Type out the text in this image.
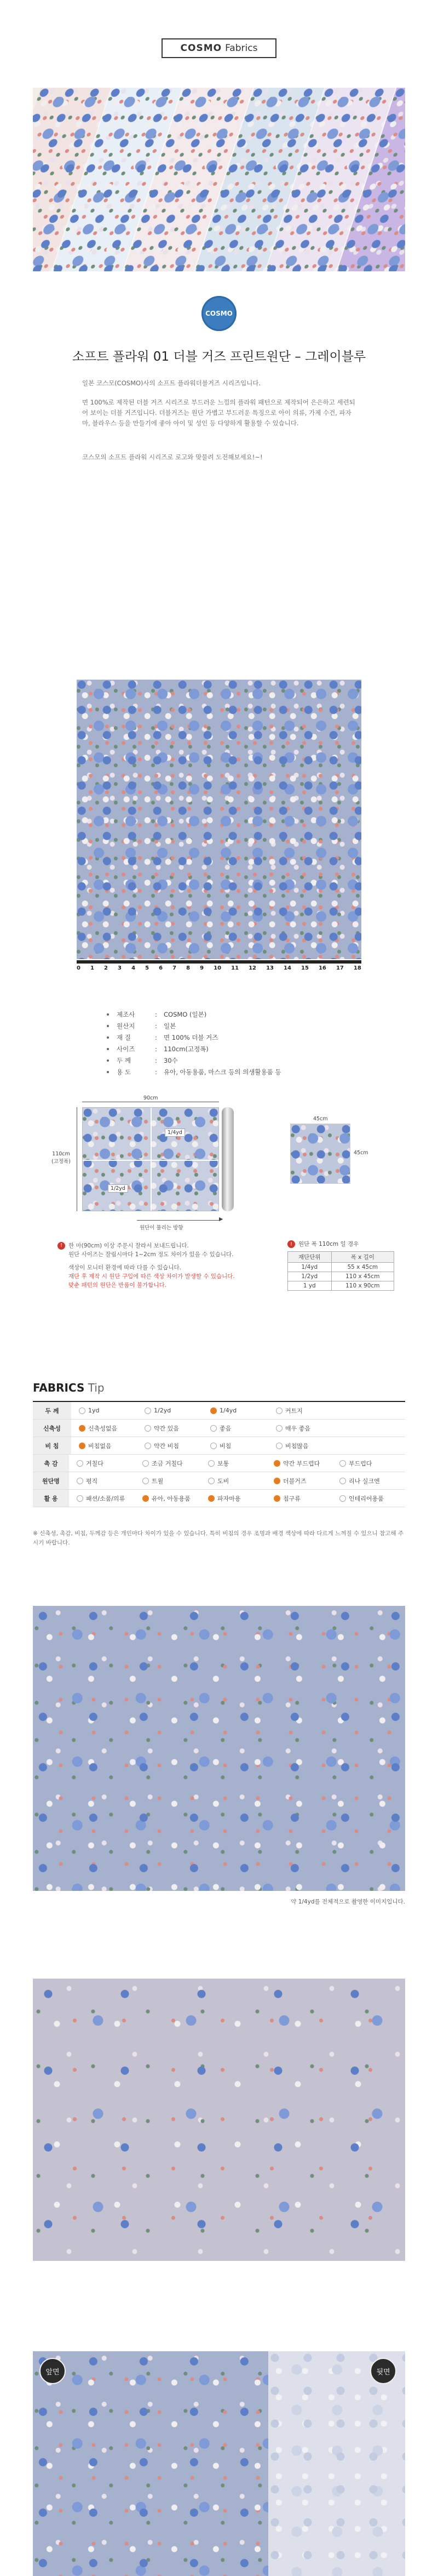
COSMO Fabrics
COSMO
소프트 플라워 01 더블 거즈 프린트원단 – 그레이블루
일본 코스모(COSMO)사의 소프트 플라워더블거즈 시리즈입니다.
면 100%로 제작된 더블 거즈 시리즈로 부드러운 느낌의 플라워 패턴으로 제작되어 은은하고 세련되어 보이는 더블 거즈입니다. 더블거즈는 원단 가볍고 부드러운 특징으로 아이 의류, 가제 수건, 파자마, 블라우스 등을 만들기에 좋아 아이 및 성인 등 다양하게 활용할 수 있습니다.
코스모의 소프트 플라워 시리즈로 로고와 맞물려 도전해보세요!~!
0 1 2 3 4 5 6 7 8 9 10 11 12 13 14 15 16 17 18
제조사	:	COSMO (일본)
원산지	:	일본
재 질	:	면 100% 더블 거즈
사이즈	:	110cm(고정폭)
두 께	:	30수
용 도	:	유아, 아동용품, 마스크 등의 의생활용품 등
1/4yd
1/2yd
90cm
110cm
(고정폭)
▶
원단이 풀리는 방향
45cm
45cm
! 한 마(90cm) 이상 주문시 잘라서 보내드립니다.
원단 사이즈는 잘림시마다 1~2cm 정도 차이가 있을 수 있습니다.
색상이 모니터 환경에 따라 다를 수 있습니다.
재단 후 제작 시 원단 구입에 따른 색상 차이가 발생할 수 있습니다.
맞춘 패턴의 원단은 반품이 불가합니다.
! 원단 폭 110cm 일 경우
재단단위	폭 x 길이
1/4yd	55 x 45cm
1/2yd	110 x 45cm
1 yd	110 x 90cm
FABRICS Tip
두 께	1yd	1/2yd	1/4yd	커트지
신축성	신축성없음	약간 있음	좋음	매우 좋음
비 침	비침없음	약간 비침	비침	비침많음
촉 감	거칠다	조금 거칠다	보통	약간 부드럽다	부드럽다
원단명	평직	트윌	도비	더블거즈	리나 실크엔
활 용	패션/소품/의류	유아, 아동용품	파자마용	침구류	인테리어용품
※ 신축성, 촉감, 비침, 두께감 등은 개인마다 차이가 있을 수 있습니다. 특히 비침의 경우 조명과 배경 색상에 따라 다르게 느껴질 수 있으니 참고해 주시기 바랍니다.
약 1/4yd를 전체적으로 촬영한 이미지입니다.
앞면	뒷면
